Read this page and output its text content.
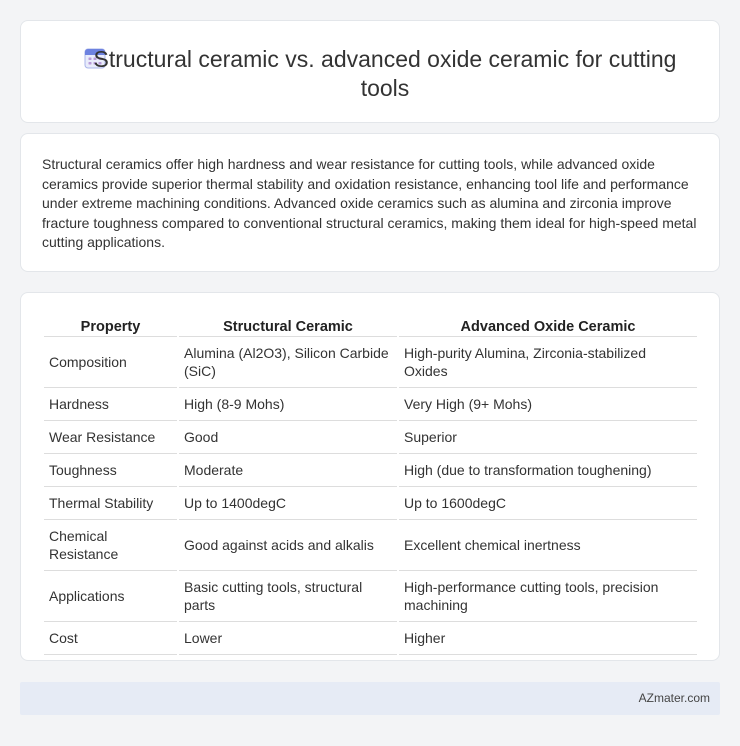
Structural ceramic vs. advanced oxide ceramic for cutting tools

Structural ceramics offer high hardness and wear resistance for cutting tools, while advanced oxide ceramics provide superior thermal stability and oxidation resistance, enhancing tool life and performance under extreme machining conditions. Advanced oxide ceramics such as alumina and zirconia improve fracture toughness compared to conventional structural ceramics, making them ideal for high-speed metal cutting applications.

Property	Structural Ceramic	Advanced Oxide Ceramic
Composition	Alumina (Al2O3), Silicon Carbide (SiC)	High-purity Alumina, Zirconia-stabilized Oxides
Hardness	High (8-9 Mohs)	Very High (9+ Mohs)
Wear Resistance	Good	Superior
Toughness	Moderate	High (due to transformation toughening)
Thermal Stability	Up to 1400degC	Up to 1600degC
Chemical Resistance	Good against acids and alkalis	Excellent chemical inertness
Applications	Basic cutting tools, structural parts	High-performance cutting tools, precision machining
Cost	Lower	Higher
AZmater.com
